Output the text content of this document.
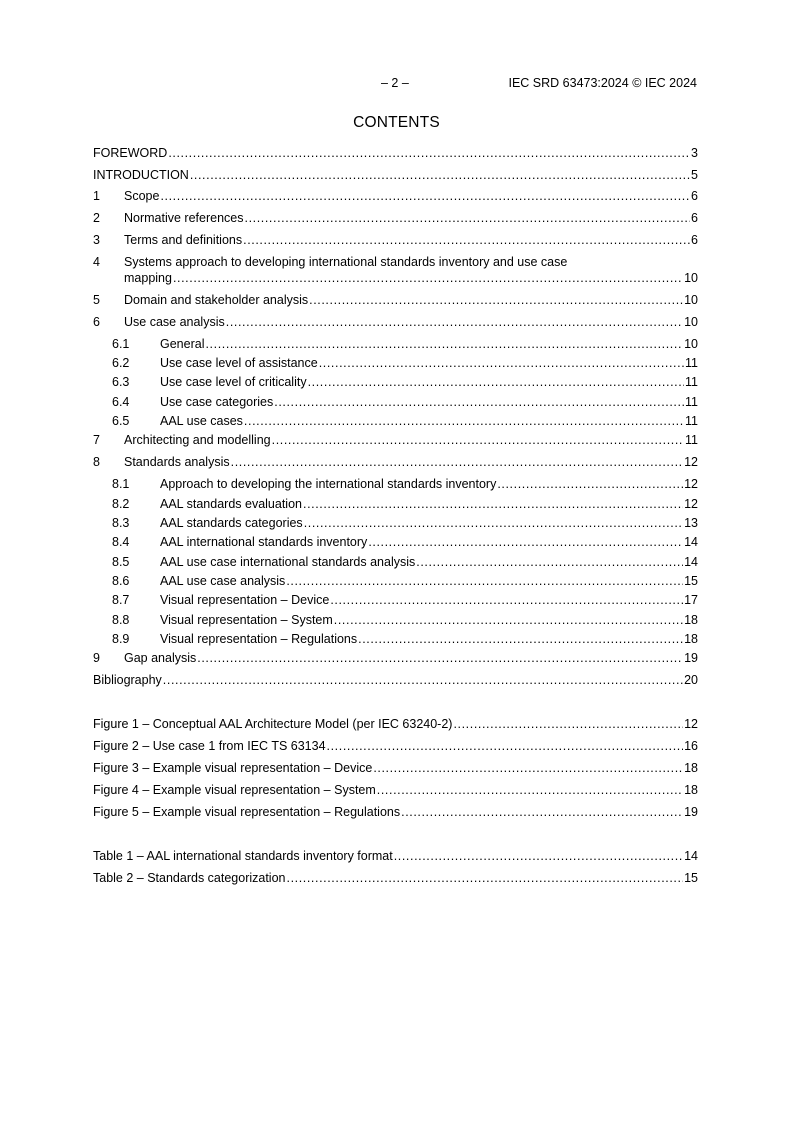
– 2 –	IEC SRD 63473:2024 © IEC 2024
CONTENTS
FOREWORD .....	3
INTRODUCTION .....	5
1	Scope .....	6
2	Normative references .....	6
3	Terms and definitions .....	6
4	Systems approach to developing international standards inventory and use case
mapping .....	10
5	Domain and stakeholder analysis .....	10
6	Use case analysis .....	10
6.1	General .....	10
6.2	Use case level of assistance .....	11
6.3	Use case level of criticality .....	11
6.4	Use case categories .....	11
6.5	AAL use cases .....	11
7	Architecting and modelling .....	11
8	Standards analysis .....	12
8.1	Approach to developing the international standards inventory .....	12
8.2	AAL standards evaluation .....	12
8.3	AAL standards categories .....	13
8.4	AAL international standards inventory .....	14
8.5	AAL use case international standards analysis .....	14
8.6	AAL use case analysis .....	15
8.7	Visual representation – Device .....	17
8.8	Visual representation – System .....	18
8.9	Visual representation – Regulations .....	18
9	Gap analysis .....	19
Bibliography .....	20
Figure 1 – Conceptual AAL Architecture Model (per IEC 63240-2) .....	12
Figure 2 – Use case 1 from IEC TS 63134 .....	16
Figure 3 – Example visual representation – Device .....	18
Figure 4 – Example visual representation – System .....	18
Figure 5 – Example visual representation – Regulations .....	19
Table 1 – AAL international standards inventory format .....	14
Table 2 – Standards categorization .....	15
